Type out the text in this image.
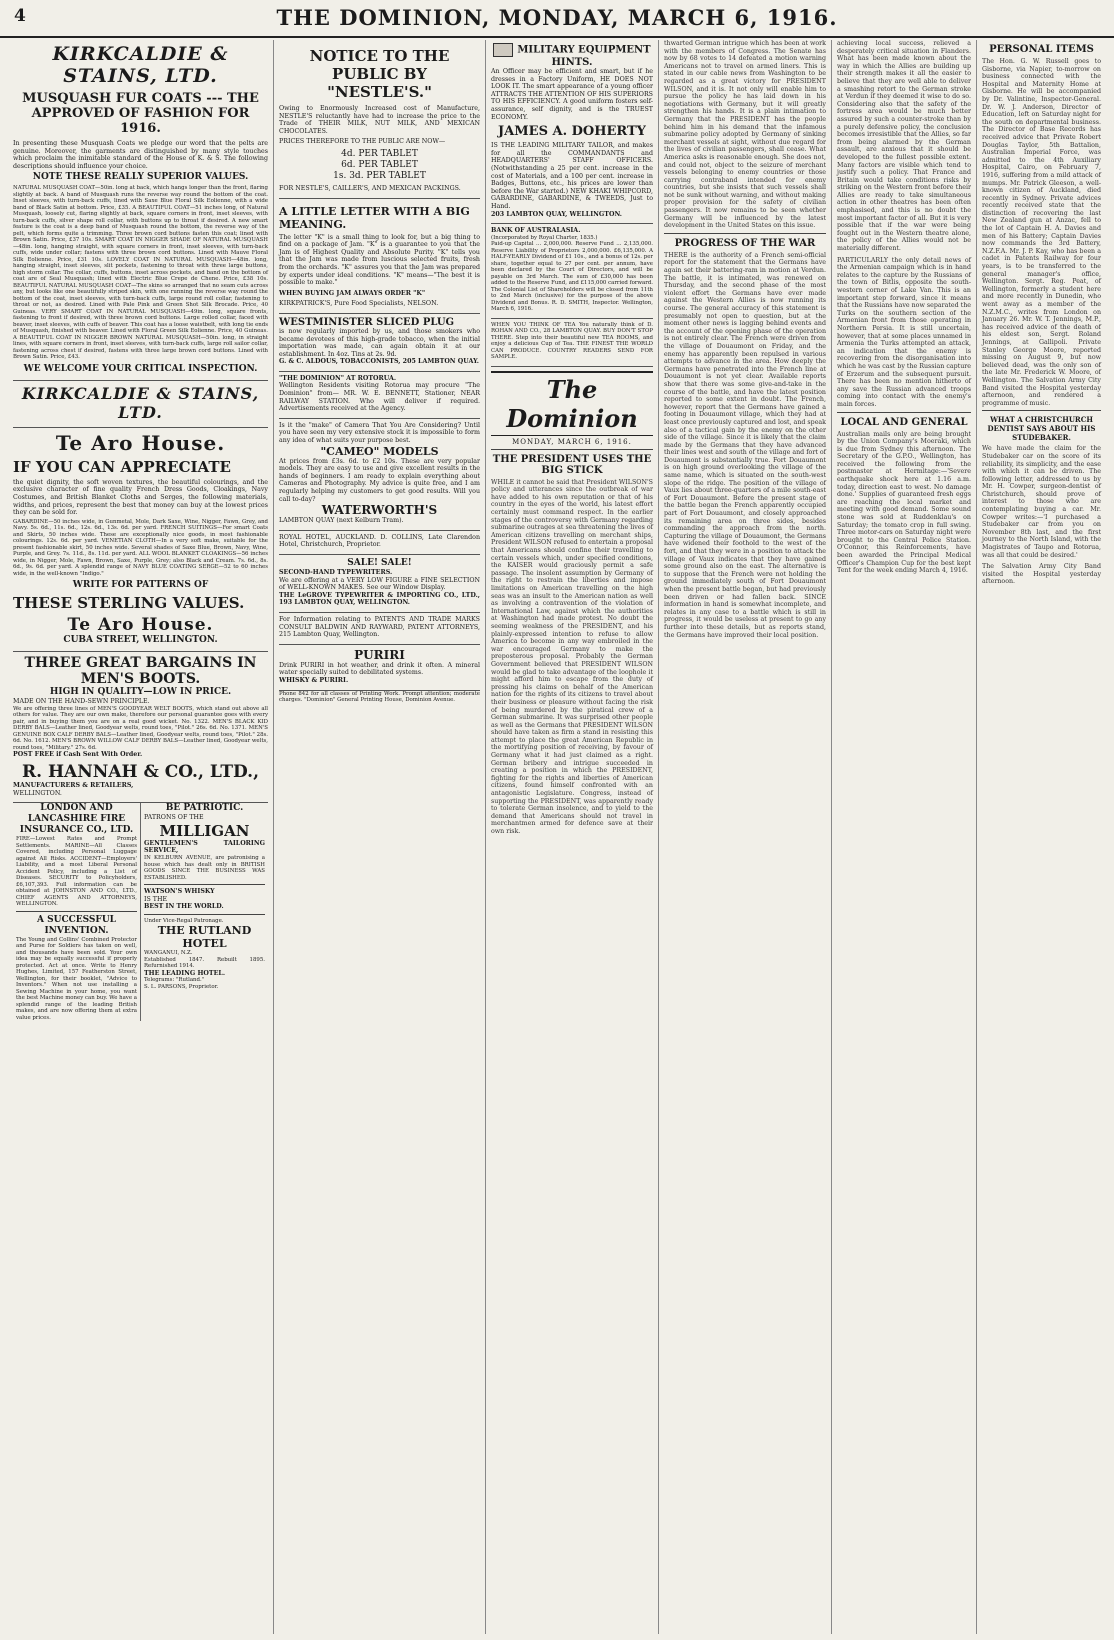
4	THE DOMINION, MONDAY, MARCH 6, 1916.
KIRKCALDIE & STAINS, LTD.
MUSQUASH FUR COATS --- THE APPROVED OF FASHION FOR 1916.
In presenting these Musquash Coats we pledge our word that the pelts are genuine. Moreover, the garments are distinguished by many style touches which proclaim the inimitable standard of the House of K. & S. The following descriptions should influence your choice.
NOTE THESE REALLY SUPERIOR VALUES.
NATURAL MUSQUASH COAT—50in. long at back, which hangs longer than the front, flaring slightly at back. A band of Musquash runs the reverse way round the bottom of the coat. Inset sleeves, with turn-back cuffs, lined with Saxe Blue Floral Silk Eolienne, with a wide band of Black Satin at bottom. Price, £35. A BEAUTIFUL COAT—51 inches long, of Natural Musquash, loosely cut, flaring slightly at back, square corners in front, inset sleeves, with turn-back cuffs, silver shape roll collar, with buttons up to throat if desired. A new smart feature is the coat is a deep band of Musquash round the bottom, the reverse way of the pelt, which forms quite a trimming. Three brown cord buttons fasten this coat; lined with Brown Satin. Price, £37 10s. SMART COAT IN NIGGER SHADE OF NATURAL MUSQUASH—48in. long, hanging straight, with square corners in front, inset sleeves, with turn-back cuffs, wide under collar; fastens with three brown cord buttons. Lined with Mauve Floral Silk Eolienne. Price, £31 10s. LOVELY COAT IN NATURAL MUSQUASH—48in. long, hanging straight, inset sleeves, slit pockets, fastening to throat with three large buttons, high storm collar. The collar, cuffs, buttons, inset across pockets, and band on the bottom of coat are of Seal Musquash; lined with Electric Blue Crepe de Chene. Price, £38 10s. BEAUTIFUL NATURAL MUSQUASH COAT—The skins so arranged that no seam cuts across any, but looks like one beautifully striped skin, with one running the reverse way round the bottom of the coat, inset sleeves, with turn-back cuffs, large round roll collar, fastening to throat or not, as desired. Lined with Pale Pink and Green Shot Silk Brocade. Price, 40 Guineas. VERY SMART COAT IN NATURAL MUSQUASH—49in. long, square fronts, fastening to front if desired, with three brown cord buttons. Large rolled collar, faced with beaver, inset sleeves, with cuffs of beaver. This coat has a loose waistbelt, with long tie ends of Musquash, finished with beaver. Lined with Floral Green Silk Eolienne. Price, 40 Guineas. A BEAUTIFUL COAT IN NIGGER BROWN NATURAL MUSQUASH—50in. long, in straight lines, with square corners in front, inset sleeves, with turn-back cuffs, large roll sailor collar, fastening across chest if desired, fastens with three large brown cord buttons. Lined with Brown Satin. Price, £43.
WE WELCOME YOUR CRITICAL INSPECTION.
KIRKCALDIE & STAINS, LTD.
Te Aro House.
IF YOU CAN APPRECIATE
the quiet dignity, the soft woven textures, the beautiful colourings, and the exclusive character of fine quality French Dress Goods, Cloakings, Navy Costumes, and British Blanket Cloths and Serges, the following materials, widths, and prices, represent the best that money can buy at the lowest prices they can be sold for.
GABARDINE—50 inches wide, in Gunmetal, Mole, Dark Saxe, Wine, Nigger, Fawn, Grey, and Navy. 5s. 6d., 11s. 6d., 12s. 6d., 13s. 6d. per yard. FRENCH SUITINGS—For smart Coats and Skirts, 50 inches wide. These are exceptionally nice goods, in most fashionable colourings. 12s. 6d. per yard. VENETIAN CLOTH—In a very soft make, suitable for the present fashionable skirt, 50 inches wide. Several shades of Saxe Blue, Brown, Navy, Wine, Purple, and Grey. 7s. 11d., 8s. 11d. per yard. ALL WOOL BLANKET CLOAKINGS—56 inches wide, in Nigger, Mole, Fawn, Brown, Saxe, Purple, Grey; also Black and Cream. 7s. 6d., 8s. 6d., 9s. 6d. per yard. A splendid range of NAVY BLUE COATING SERGE—52 to 60 inches wide, in the well-known "Indigo."
WRITE FOR PATTERNS OF
THESE STERLING VALUES.
Te Aro House.
CUBA STREET, WELLINGTON.
THREE GREAT BARGAINS IN MEN'S BOOTS.
HIGH IN QUALITY—LOW IN PRICE.
MADE ON THE HAND-SEWN PRINCIPLE.
We are offering three lines of MEN'S GOODYEAR WELT BOOTS, which stand out above all others for value. They are our own make, therefore our personal guarantee goes with every pair, and in buying them you are on a real good wicket. No. 1322. MEN'S BLACK KID DERBY BALS—Leather lined, Goodyear welts, round toes, "Pilot." 26s. 6d. No. 1371. MEN'S GENUINE BOX CALF DERBY BALS—Leather lined, Goodyear welts, round toes, "Pilot." 28s. 6d. No. 1612. MEN'S BROWN WILLOW CALF DERBY BALS—Leather lined, Goodyear welts, round toes, "Military." 27s. 6d.
POST FREE if Cash Sent With Order.
R. HANNAH & CO., LTD.,
MANUFACTURERS & RETAILERS,
WELLINGTON.
LONDON AND LANCASHIRE FIRE INSURANCE CO., LTD.
FIRE—Lowest Rates and Prompt Settlements. MARINE—All Classes Covered, including Personal Luggage against All Risks. ACCIDENT—Employers' Liability, and a most Liberal Personal Accident Policy, including a List of Diseases. SECURITY to Policyholders, £6,107,393. Full information can be obtained at JOHNSTON AND CO., LTD., CHIEF AGENTS AND ATTORNEYS, WELLINGTON.
A SUCCESSFUL INVENTION.
The Young and Collins' Combined Protector and Purse for Soldiers has taken on well, and thousands have been sold. Your own idea may be equally successful if properly protected. Act at once. Write to Henry Hughes, Limited, 157 Featherston Street, Wellington, for their booklet, "Advice to Inventors." When not use installing a Sewing Machine in your home, you want the best Machine money can buy. We have a splendid range of the leading British makes, and are now offering them at extra value prices.
BE PATRIOTIC.
PATRONS OF THE
MILLIGAN
GENTLEMEN'S TAILORING SERVICE,
IN KELBURN AVENUE, are patronising a house which has dealt only in BRITISH GOODS SINCE THE BUSINESS WAS ESTABLISHED.
WATSON'S WHISKY
IS THE
BEST IN THE WORLD.
Under Vice-Regal Patronage.
THE RUTLAND HOTEL
WANGANUI, N.Z.
Established 1847. Rebuilt 1895. Refurnished 1914.
THE LEADING HOTEL.
Telegrams: "Rutland."
S. L. PARSONS, Proprietor.
NOTICE TO THE PUBLIC BY "NESTLE'S."
Owing to Enormously Increased cost of Manufacture, NESTLE'S reluctantly have had to increase the price to the Trade of THEIR MILK, NUT MILK, AND MEXICAN CHOCOLATES.
PRICES THEREFORE TO THE PUBLIC ARE NOW—
4d. PER TABLET
6d. PER TABLET
1s. 3d. PER TABLET
FOR NESTLE'S, CAILLER'S, AND MEXICAN PACKINGS.
A LITTLE LETTER WITH A BIG MEANING.
The letter "K" is a small thing to look for, but a big thing to find on a package of Jam. "K" is a guarantee to you that the Jam is of Highest Quality and Absolute Purity. "K" tells you that the Jam was made from luscious selected fruits, fresh from the orchards. "K" assures you that the Jam was prepared by experts under ideal conditions. "K" means—"The best it is possible to make."
WHEN BUYING JAM ALWAYS ORDER "K"
KIRKPATRICK'S, Pure Food Specialists, NELSON.
WESTMINISTER SLICED PLUG
is now regularly imported by us, and those smokers who became devotees of this high-grade tobacco, when the initial importation was made, can again obtain it at our establishment. In 4oz. Tins at 2s. 9d.
G. & C. ALDOUS, TOBACCONISTS, 205 LAMBTON QUAY.
"THE DOMINION" AT ROTORUA.
Wellington Residents visiting Rotorua may procure "The Dominion" from— MR. W. E. BENNETT, Stationer, NEAR RAILWAY STATION. Who will deliver if required. Advertisements received at the Agency.
Is it the "make" of Camera That You Are Considering? Until you have seen my very extensive stock it is impossible to form any idea of what suits your purpose best.
"CAMEO" MODELS
At prices from £3s. 6d. to £2 10s. These are very popular models. They are easy to use and give excellent results in the hands of beginners. I am ready to explain everything about Cameras and Photography. My advice is quite free, and I am regularly helping my customers to get good results. Will you call to-day?
WATERWORTH'S
LAMBTON QUAY (next Kelburn Tram).
ROYAL HOTEL, AUCKLAND. D. COLLINS, Late Clarendon Hotel, Christchurch, Proprietor.
SALE! SALE!
SECOND-HAND TYPEWRITERS.
We are offering at a VERY LOW FIGURE a FINE SELECTION of WELL-KNOWN MAKES. See our Window Display.
THE LeGROVE TYPEWRITER & IMPORTING CO., LTD., 193 LAMBTON QUAY, WELLINGTON.
For Information relating to PATENTS AND TRADE MARKS CONSULT BALDWIN AND RAYWARD, PATENT ATTORNEYS, 215 Lambton Quay, Wellington.
PURIRI
Drink PURIRI in hot weather, and drink it often. A mineral water specially suited to debilitated systems.
WHISKY & PURIRI.
Phone 842 for all classes of Printing Work. Prompt attention; moderate charges. "Dominion" General Printing House, Dominion Avenue.
MILITARY EQUIPMENT HINTS.
An Officer may be efficient and smart, but if he dresses in a Factory Uniform, HE DOES NOT LOOK IT. The smart appearance of a young officer ATTRACTS THE ATTENTION OF HIS SUPERIORS TO HIS EFFICIENCY. A good uniform fosters self-assurance, self dignity, and is the TRUEST ECONOMY.
JAMES A. DOHERTY
IS THE LEADING MILITARY TAILOR, and makes for all the COMMANDANTS and HEADQUARTERS' STAFF OFFICERS. (Notwithstanding a 25 per cent. increase in the cost of Materials, and a 100 per cent. increase in Badges, Buttons, etc., his prices are lower than before the War started.) NEW KHAKI WHIPCORD, GABARDINE, GABARDINE, & TWEEDS, Just to Hand.
203 LAMBTON QUAY, WELLINGTON.
BANK OF AUSTRALASIA.
(Incorporated by Royal Charter, 1835.)
Paid-up Capital ... 2,000,000. Reserve Fund ... 2,135,000. Reserve Liability of Proprietors 2,000,000. £6,135,000. A HALF-YEARLY Dividend of £1 10s., and a bonus of 12s. per share, together equal to 27 per cent. per annum, have been declared by the Court of Directors, and will be payable on 3rd March. The sum of £30,000 has been added to the Reserve Fund, and £115,000 carried forward. The Colonial List of Shareholders will be closed from 11th to 2nd March (inclusive) for the purpose of the above Dividend and Bonus. R. D. SMITH, Inspector. Wellington, March 6, 1916.
WHEN YOU THINK OF TEA You naturally think of D. ROHAN AND CO., 28 LAMBTON QUAY. BUY DON'T STOP THERE. Step into their beautiful new TEA ROOMS, and enjoy a delicious Cup of Tea. THE FINEST THE WORLD CAN PRODUCE. COUNTRY READERS SEND FOR SAMPLE.
The Dominion
MONDAY, MARCH 6, 1916.
THE PRESIDENT USES THE BIG STICK
WHILE it cannot be said that President WILSON'S policy and utterances since the outbreak of war have added to his own reputation or that of his country in the eyes of the world, his latest effort certainly must command respect. In the earlier stages of the controversy with Germany regarding submarine outrages at sea threatening the lives of American citizens travelling on merchant ships, President WILSON refused to entertain a proposal that Americans should confine their travelling to certain vessels which, under specified conditions, the KAISER would graciously permit a safe passage. The insolent assumption by Germany of the right to restrain the liberties and impose limitations on American travelling on the high seas was an insult to the American nation as well as involving a contravention of the violation of International Law, against which the authorities at Washington had made protest. No doubt the seeming weakness of the PRESIDENT, and his plainly-expressed intention to refuse to allow America to become in any way embroiled in the war encouraged Germany to make the preposterous proposal. Probably the German Government believed that PRESIDENT WILSON would be glad to take advantage of the loophole it might afford him to escape from the duty of pressing his claims on behalf of the American nation for the rights of its citizens to travel about their business or pleasure without facing the risk of being murdered by the piratical crew of a German submarine. It was surprised other people as well as the Germans that PRESIDENT WILSON should have taken as firm a stand in resisting this attempt to place the great American Republic in the mortifying position of receiving, by favour of Germany what it had just claimed as a right. German bribery and intrigue succeeded in creating a position in which the PRESIDENT, fighting for the rights and liberties of American citizens, found himself confronted with an antagonistic Legislature. Congress, instead of supporting the PRESIDENT, was apparently ready to tolerate German insolence, and to yield to the demand that Americans should not travel in merchantmen armed for defence save at their own risk.
thwarted German intrigue which has been at work with the members of Congress. The Senate has now by 68 votes to 14 defeated a motion warning Americans not to travel on armed liners. This is stated in our cable news from Washington to be regarded as a great victory for PRESIDENT WILSON, and it is. It not only will enable him to pursue the policy he has laid down in his negotiations with Germany, but it will greatly strengthen his hands. It is a plain intimation to Germany that the PRESIDENT has the people behind him in his demand that the infamous submarine policy adopted by Germany of sinking merchant vessels at sight, without due regard for the lives of civilian passengers, shall cease. What America asks is reasonable enough. She does not, and could not, object to the seizure of merchant vessels belonging to enemy countries or those carrying contraband intended for enemy countries, but she insists that such vessels shall not be sunk without warning, and without making proper provision for the safety of civilian passengers. It now remains to be seen whether Germany will be influenced by the latest development in the United States on this issue.
PROGRESS OF THE WAR
THERE is the authority of a French semi-official report for the statement that the Germans have again set their battering-ram in motion at Verdun. The battle, it is intimated, was renewed on Thursday, and the second phase of the most violent effort the Germans have ever made against the Western Allies is now running its course. The general accuracy of this statement is presumably not open to question, but at the moment other news is lagging behind events and the account of the opening phase of the operation is not entirely clear. The French were driven from the village of Douaumont on Friday, and the enemy has apparently been repulsed in various attempts to advance in the area. How deeply the Germans have penetrated into the French line at Douaumont is not yet clear. Available reports show that there was some give-and-take in the course of the battle, and have the latest position reported to some extent in doubt. The French, however, report that the Germans have gained a footing in Douaumont village, which they had at least once previously captured and lost, and speak also of a tactical gain by the enemy on the other side of the village. Since it is likely that the claim made by the Germans that they have advanced their lines west and south of the village and fort of Douaumont is substantially true. Fort Douaumont is on high ground overlooking the village of the same name, which is situated on the south-west slope of the ridge. The position of the village of Vaux lies about three-quarters of a mile south-east of Fort Douaumont. Before the present stage of the battle began the French apparently occupied part of Fort Douaumont, and closely approached its remaining area on three sides, besides commanding the approach from the north. Capturing the village of Douaumont, the Germans have widened their foothold to the west of the fort, and that they were in a position to attack the village of Vaux indicates that they have gained some ground also on the east. The alternative is to suppose that the French were not holding the ground immediately south of Fort Douaumont when the present battle began, but had previously been driven or had fallen back. SINCE information in hand is somewhat incomplete, and relates in any case to a battle which is still in progress, it would be useless at present to go any further into these details, but as reports stand, the Germans have improved their local position.
achieving local success, relieved a desperately critical situation in Flanders. What has been made known about the way in which the Allies are building up their strength makes it all the easier to believe that they are well able to deliver a smashing retort to the German stroke at Verdun if they deemed it wise to do so. Considering also that the safety of the fortress area would be much better assured by such a counter-stroke than by a purely defensive policy, the conclusion becomes irresistible that the Allies, so far from being alarmed by the German assault, are anxious that it should be developed to the fullest possible extent. Many factors are visible which tend to justify such a policy. That France and Britain would take conditions risks by striking on the Western front before their Allies are ready to take simultaneous action in other theatres has been often emphasised, and this is no doubt the most important factor of all. But it is very possible that if the war were being fought out in the Western theatre alone, the policy of the Allies would not be materially different.
PARTICULARLY the only detail news of the Armenian campaign which is in hand relates to the capture by the Russians of the town of Bitlis, opposite the south-western corner of Lake Van. This is an important step forward, since it means that the Russians have now separated the Turks on the southern section of the Armenian front from those operating in Northern Persia. It is still uncertain, however, that at some places unnamed in Armenia the Turks attempted an attack, an indication that the enemy is recovering from the disorganisation into which he was cast by the Russian capture of Erzerum and the subsequent pursuit. There has been no mention hitherto of any save the Russian advanced troops coming into contact with the enemy's main forces.
LOCAL AND GENERAL
Australian mails only are being brought by the Union Company's Moeraki, which is due from Sydney this afternoon. The Secretary of the G.P.O., Wellington, has received the following from the postmaster at Hermitage:—'Severe earthquake shock here at 1.16 a.m. today, direction east to west. No damage done.' Supplies of guaranteed fresh eggs are reaching the local market and meeting with good demand. Some sound stone was sold at Ruddenklau's on Saturday; the tomato crop in full swing. Three motor-cars on Saturday night were brought to the Central Police Station. O'Connor, this Reinforcements, have been awarded the Principal Medical Officer's Champion Cup for the best kept Tent for the week ending March 4, 1916.
PERSONAL ITEMS
The Hon. G. W. Russell goes to Gisborne, via Napier, to-morrow on business connected with the Hospital and Maternity Home at Gisborne. He will be accompanied by Dr. Valintine, Inspector-General. Dr. W. J. Anderson, Director of Education, left on Saturday night for the south on departmental business. The Director of Base Records has received advice that Private Robert Douglas Taylor, 5th Battalion, Australian Imperial Force, was admitted to the 4th Auxiliary Hospital, Cairo, on February 7, 1916, suffering from a mild attack of mumps. Mr. Patrick Gleeson, a well-known citizen of Auckland, died recently in Sydney. Private advices recently received state that the distinction of recovering the last New Zealand gun at Anzac, fell to the lot of Captain H. A. Davies and men of his Battery; Captain Davies now commands the 3rd Battery, N.Z.F.A. Mr. J. P. Kay, who has been a cadet in Patents Railway for four years, is to be transferred to the general manager's office, Wellington. Sergt. Reg. Peat, of Wellington, formerly a student here and more recently in Dunedin, who went away as a member of the N.Z.M.C., writes from London on January 26. Mr. W. T. Jennings, M.P., has received advice of the death of his eldest son, Sergt. Roland Jennings, at Gallipoli. Private Stanley George Moore, reported missing on August 9, but now believed dead, was the only son of the late Mr. Frederick W. Moore, of Wellington. The Salvation Army City Band visited the Hospital yesterday afternoon, and rendered a programme of music.
WHAT A CHRISTCHURCH DENTIST SAYS ABOUT HIS STUDEBAKER.
We have made the claim for the Studebaker car on the score of its reliability, its simplicity, and the ease with which it can be driven. The following letter, addressed to us by Mr. H. Cowper, surgeon-dentist of Christchurch, should prove of interest to those who are contemplating buying a car. Mr. Cowper writes:—'I purchased a Studebaker car from you on November 8th last, and the first journey to the North Island, with the Magistrates of Taupo and Rotorua, was all that could be desired.'
The Salvation Army City Band visited the Hospital yesterday afternoon.
